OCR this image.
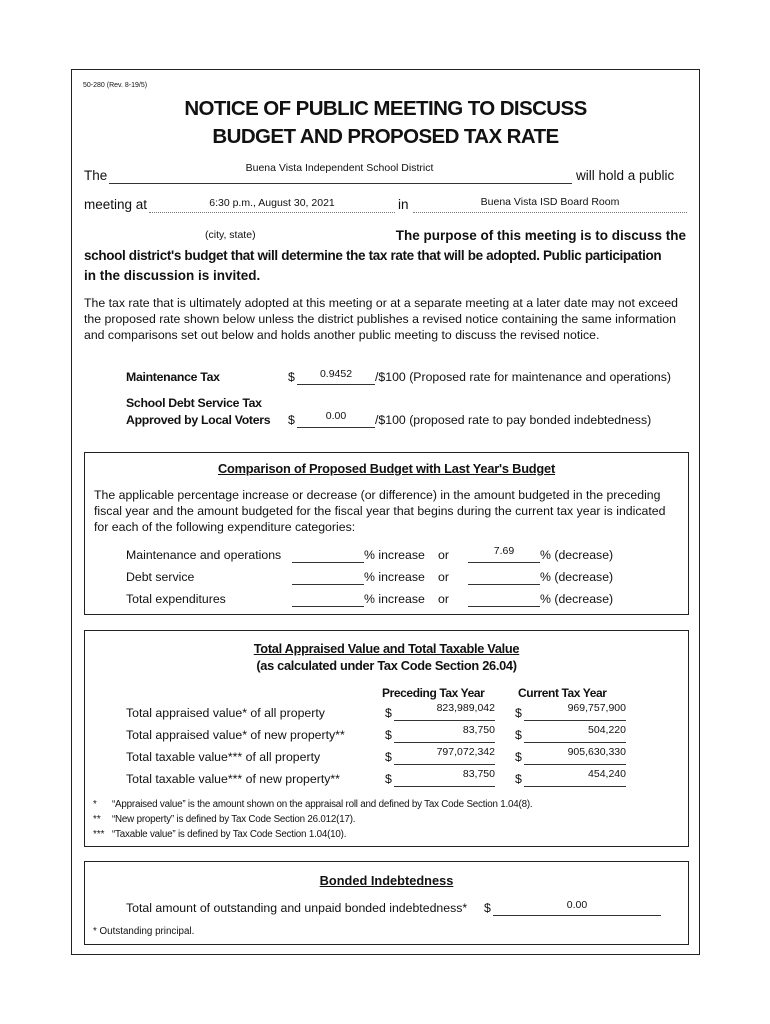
50-280 (Rev. 8-19/5)
NOTICE OF PUBLIC MEETING TO DISCUSS
BUDGET AND PROPOSED TAX RATE
The	Buena Vista Independent School District	will hold a public
meeting at	6:30 p.m., August 30, 2021	in	Buena Vista ISD Board Room
(city, state)	The purpose of this meeting is to discuss the
school district's budget that will determine the tax rate that will be adopted. Public participation
in the discussion is invited.
The tax rate that is ultimately adopted at this meeting or at a separate meeting at a later date may not exceed
the proposed rate shown below unless the district publishes a revised notice containing the same information
and comparisons set out below and holds another public meeting to discuss the revised notice.
Maintenance Tax	$	0.9452	/$100 (Proposed rate for maintenance and operations)
School Debt Service Tax
Approved by Local Voters $	0.00	/$100 (proposed rate to pay bonded indebtedness)
Comparison of Proposed Budget with Last Year's Budget
The applicable percentage increase or decrease (or difference) in the amount budgeted in the preceding
fiscal year and the amount budgeted for the fiscal year that begins during the current tax year is indicated
for each of the following expenditure categories:
Maintenance and operations	% increase or	7.69	% (decrease)
Debt service	% increase or	% (decrease)
Total expenditures	% increase or	% (decrease)
Total Appraised Value and Total Taxable Value
(as calculated under Tax Code Section 26.04)
Preceding Tax Year	Current Tax Year
Total appraised value* of all property	$	823,989,042 $	969,757,900
Total appraised value* of new property**	$	83,750 $	504,220
Total taxable value*** of all property	$	797,072,342 $	905,630,330
Total taxable value*** of new property**	$	83,750 $	454,240
* “Appraised value” is the amount shown on the appraisal roll and defined by Tax Code Section 1.04(8).
** “New property” is defined by Tax Code Section 26.012(17).
*** “Taxable value” is defined by Tax Code Section 1.04(10).
Bonded Indebtedness
Total amount of outstanding and unpaid bonded indebtedness* $	0.00
* Outstanding principal.
